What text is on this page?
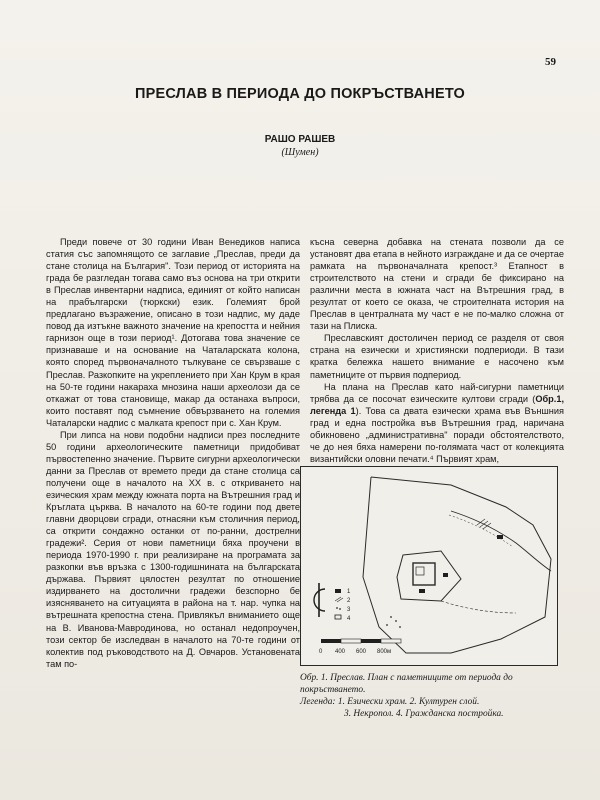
59
ПРЕСЛАВ В ПЕРИОДА ДО ПОКРЪСТВАНЕТО
РАШО РАШЕВ
(Шумен)

Преди повече от 30 години Иван Венедиков написа статия със запомнящото се заглавие „Преслав, преди да стане столица на България". Този период от историята на града бе разгледан тогава само въз основа на три открити в Преслав инвентарни надписа, единият от който написан на прабългарски (тюркски) език. Големият брой предлагано възражение, описано в този надпис, му даде повод да изтъкне важното значение на крепостта и нейния гарнизон още в този период¹. Дотогава това значение се признаваше и на основание на Чаталарската колона, която според първоначалното тълкуване се свързваше с Преслав. Разкопките на укреплението при Хан Крум в края на 50-те години накараха мнозина наши археолози да се откажат от това становище, макар да останаха въпроси, които поставят под съмнение обвързването на големия Чаталарски надпис с малката крепост при с. Хан Крум.

При липса на нови подобни надписи през последните 50 години археологическите паметници придобиват първостепенно значение. Първите сигурни археологически данни за Преслав от времето преди да стане столица са получени още в началото на XX в. с откриването на езическия храм между южната порта на Вътрешния град и Кръглата църква. В началото на 60-те години под двете главни дворцови сгради, отнасяни към столичния период, са открити сондажно останки от по-ранни, дострелни градежи². Серия от нови паметници бяха проучени в периода 1970-1990 г. при реализиране на програмата за разкопки във връзка с 1300-годишнината на българската държава. Първият цялостен резултат по отношение издирването на достолични градежи безспорно бе изясняването на ситуацията в района на т. нар. чупка на вътрешната крепостна стена. Привлякъл вниманието още на В. Иванова-Мавродинова, но останал недопроучен, този сектор бе изследван в началото на 70-те години от колектив под ръководството на Д. Овчаров. Установената там по-

късна северна добавка на стената позволи да се установят два етапа в нейното изграждане и да се очертае рамката на първоначалната крепост.³ Етапност в строителството на стени и сгради бе фиксирано на различни места в южната част на Вътрешния град, в резултат от което се оказа, че строителната история на Преслав в централната му част е не по-малко сложна от тази на Плиска.

Преславският достоличен период се разделя от своя страна на езически и християнски подпериоди. В тази кратка бележка нашето внимание е насочено към паметниците от първия подпериод.

На плана на Преслав като най-сигурни паметници трябва да се посочат езическите култови сгради (Обр.1, легенда 1). Това са двата езически храма във Външния град и една постройка във Вътрешния град, наричана обикновено „административна" поради обстоятелството, че до нея бяха намерени по-голямата част от колекцията византийски оловни печати.⁴ Първият храм,

1
2
3
4
0 400 600 800м
Обр. 1. Преслав. План с паметниците от периода до покръстването.
Легенда: 1. Езически храм. 2. Културен слой.
3. Некропол. 4. Гражданска постройка.
